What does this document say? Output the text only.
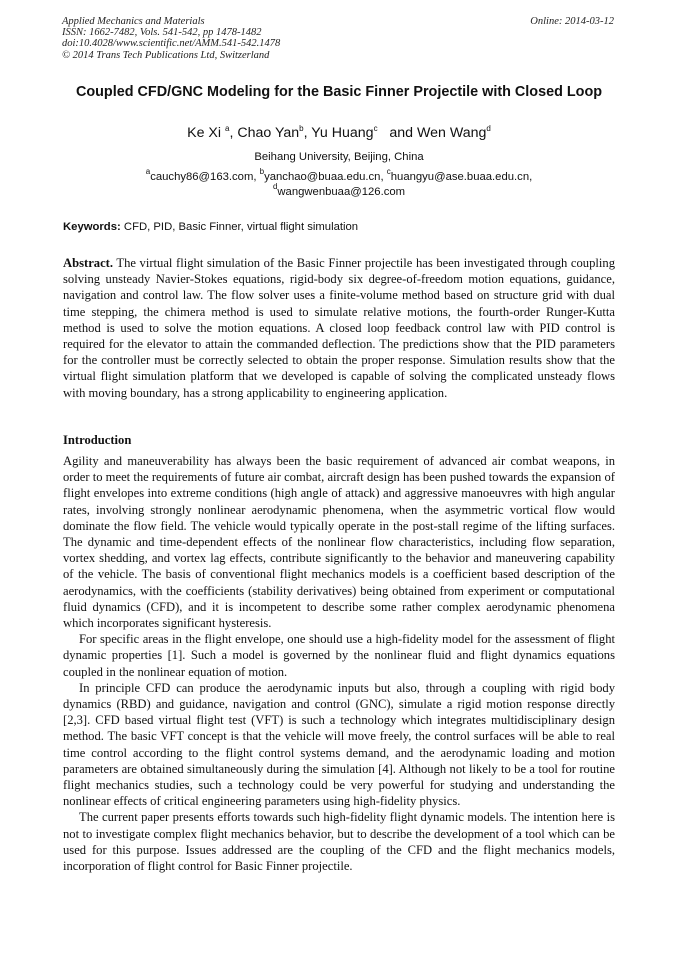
Applied Mechanics and Materials
ISSN: 1662-7482, Vols. 541-542, pp 1478-1482
doi:10.4028/www.scientific.net/AMM.541-542.1478
© 2014 Trans Tech Publications Ltd, Switzerland
Online: 2014-03-12
Coupled CFD/GNC Modeling for the Basic Finner Projectile with Closed Loop
Ke Xi $^a$, Chao Yan$^b$, Yu Huang$^c$   and Wen Wang$^d$
Beihang University, Beijing, China
$^a$cauchy86@163.com, $^b$yanchao@buaa.edu.cn, $^c$huangyu@ase.buaa.edu.cn,
$^d$wangwenbuaa@126.com
Keywords: CFD, PID, Basic Finner, virtual flight simulation
Abstract. The virtual flight simulation of the Basic Finner projectile has been investigated through coupling solving unsteady Navier-Stokes equations, rigid-body six degree-of-freedom motion equations, guidance, navigation and control law. The flow solver uses a finite-volume method based on structure grid with dual time stepping, the chimera method is used to simulate relative motions, the fourth-order Runger-Kutta method is used to solve the motion equations. A closed loop feedback control law with PID control is required for the elevator to attain the commanded deflection. The predictions show that the PID parameters for the controller must be correctly selected to obtain the proper response. Simulation results show that the virtual flight simulation platform that we developed is capable of solving the complicated unsteady flows with moving boundary, has a strong applicability to engineering application.
Introduction

Agility and maneuverability has always been the basic requirement of advanced air combat weapons, in order to meet the requirements of future air combat, aircraft design has been pushed towards the expansion of flight envelopes into extreme conditions (high angle of attack) and aggressive manoeuvres with high angular rates, involving strongly nonlinear aerodynamic phenomena, when the asymmetric vortical flow would dominate the flow field. The vehicle would typically operate in the post-stall regime of the lifting surfaces. The dynamic and time-dependent effects of the nonlinear flow characteristics, including flow separation, vortex shedding, and vortex lag effects, contribute significantly to the behavior and maneuvering capability of the vehicle. The basis of conventional flight mechanics models is a coefficient based description of the aerodynamics, with the coefficients (stability derivatives) being obtained from experiment or computational fluid dynamics (CFD), and it is incompetent to describe some rather complex aerodynamic phenomena which incorporates significant hysteresis.

For specific areas in the flight envelope, one should use a high-fidelity model for the assessment of flight dynamic properties [1]. Such a model is governed by the nonlinear fluid and flight dynamics equations coupled in the nonlinear equation of motion.

In principle CFD can produce the aerodynamic inputs but also, through a coupling with rigid body dynamics (RBD) and guidance, navigation and control (GNC), simulate a rigid motion response directly [2,3]. CFD based virtual flight test (VFT) is such a technology which integrates multidisciplinary design method. The basic VFT concept is that the vehicle will move freely, the control surfaces will be able to real time control according to the flight control systems demand, and the aerodynamic loading and motion parameters are obtained simultaneously during the simulation [4]. Although not likely to be a tool for routine flight mechanics studies, such a technology could be very powerful for studying and understanding the nonlinear effects of critical engineering parameters using high-fidelity physics.

The current paper presents efforts towards such high-fidelity flight dynamic models. The intention here is not to investigate complex flight mechanics behavior, but to describe the development of a tool which can be used for this purpose. Issues addressed are the coupling of the CFD and the flight mechanics models, incorporation of flight control for Basic Finner projectile.
